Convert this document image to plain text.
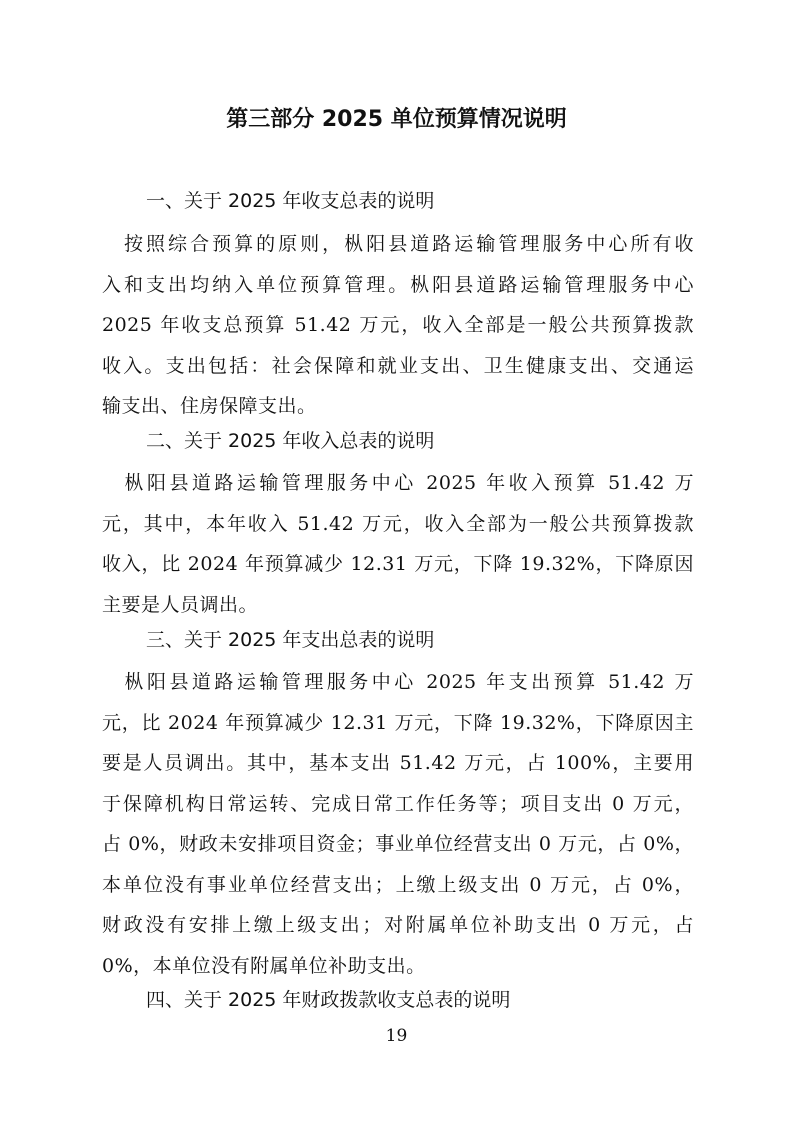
第三部分 2025 单位预算情况说明
一、关于 2025 年收支总表的说明
　按照综合预算的原则，枞阳县道路运输管理服务中心所有收
入和支出均纳入单位预算管理。枞阳县道路运输管理服务中心
2025 年收支总预算 51.42 万元，收入全部是一般公共预算拨款
收入。支出包括：社会保障和就业支出、卫生健康支出、交通运
输支出、住房保障支出。
二、关于 2025 年收入总表的说明
　枞阳县道路运输管理服务中心 2025 年收入预算 51.42 万
元，其中，本年收入 51.42 万元，收入全部为一般公共预算拨款
收入，比 2024 年预算减少 12.31 万元，下降 19.32%，下降原因
主要是人员调出。
三、关于 2025 年支出总表的说明
　枞阳县道路运输管理服务中心 2025 年支出预算 51.42 万
元，比 2024 年预算减少 12.31 万元，下降 19.32%，下降原因主
要是人员调出。其中，基本支出 51.42 万元，占 100%，主要用
于保障机构日常运转、完成日常工作任务等；项目支出 0 万元，
占 0%，财政未安排项目资金；事业单位经营支出 0 万元，占 0%，
本单位没有事业单位经营支出；上缴上级支出 0 万元，占 0%，
财政没有安排上缴上级支出；对附属单位补助支出 0 万元，占
0%，本单位没有附属单位补助支出。
四、关于 2025 年财政拨款收支总表的说明
19
